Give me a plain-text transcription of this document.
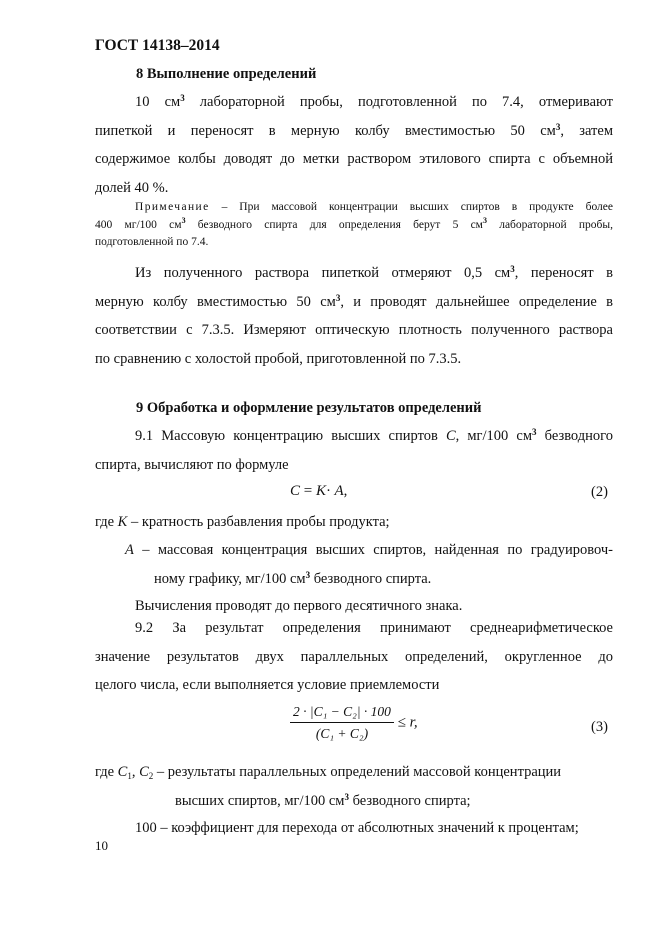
ГОСТ 14138–2014
8 Выполнение определений
10 $см^3$ лабораторной пробы, подготовленной по 7.4, отмеривают
пипеткой и переносят в мерную колбу вместимостью 50 $см^3$, затем
содержимое колбы доводят до метки раствором этилового спирта с объемной
долей 40 %.
Примечание – При массовой концентрации высших спиртов в продукте более
400 мг/100 $см^3$ безводного спирта для определения берут 5 $см^3$ лабораторной пробы,
подготовленной по 7.4.
Из полученного раствора пипеткой отмеряют 0,5 $см^3$, переносят в
мерную колбу вместимостью 50 $см^3$, и проводят дальнейшее определение в
соответствии с 7.3.5. Измеряют оптическую плотность полученного раствора
по сравнению с холостой пробой, приготовленной по 7.3.5.
9 Обработка и оформление результатов определений
9.1 Массовую концентрацию высших спиртов С, мг/100 $см^3$ безводного
спирта, вычисляют по формуле
С = K· A,	(2)
где K – кратность разбавления пробы продукта;
A – массовая концентрация высших спиртов, найденная по градуировоч-
ному графику, мг/100 $см^3$ безводного спирта.
Вычисления проводят до первого десятичного знака.
9.2 За результат определения принимают среднеарифметическое
значение результатов двух параллельных определений, округленное до
целого числа, если выполняется условие приемлемости
$\frac{\text{2 · |C₁ − C₂| · 100}}{\text{(C₁ + C₂)}} \le r$,	(3)
где $С_1$, $С_2$ – результаты параллельных определений массовой концентрации
высших спиртов, мг/100 $см^3$ безводного спирта;
100 – коэффициент для перехода от абсолютных значений к процентам;
10
